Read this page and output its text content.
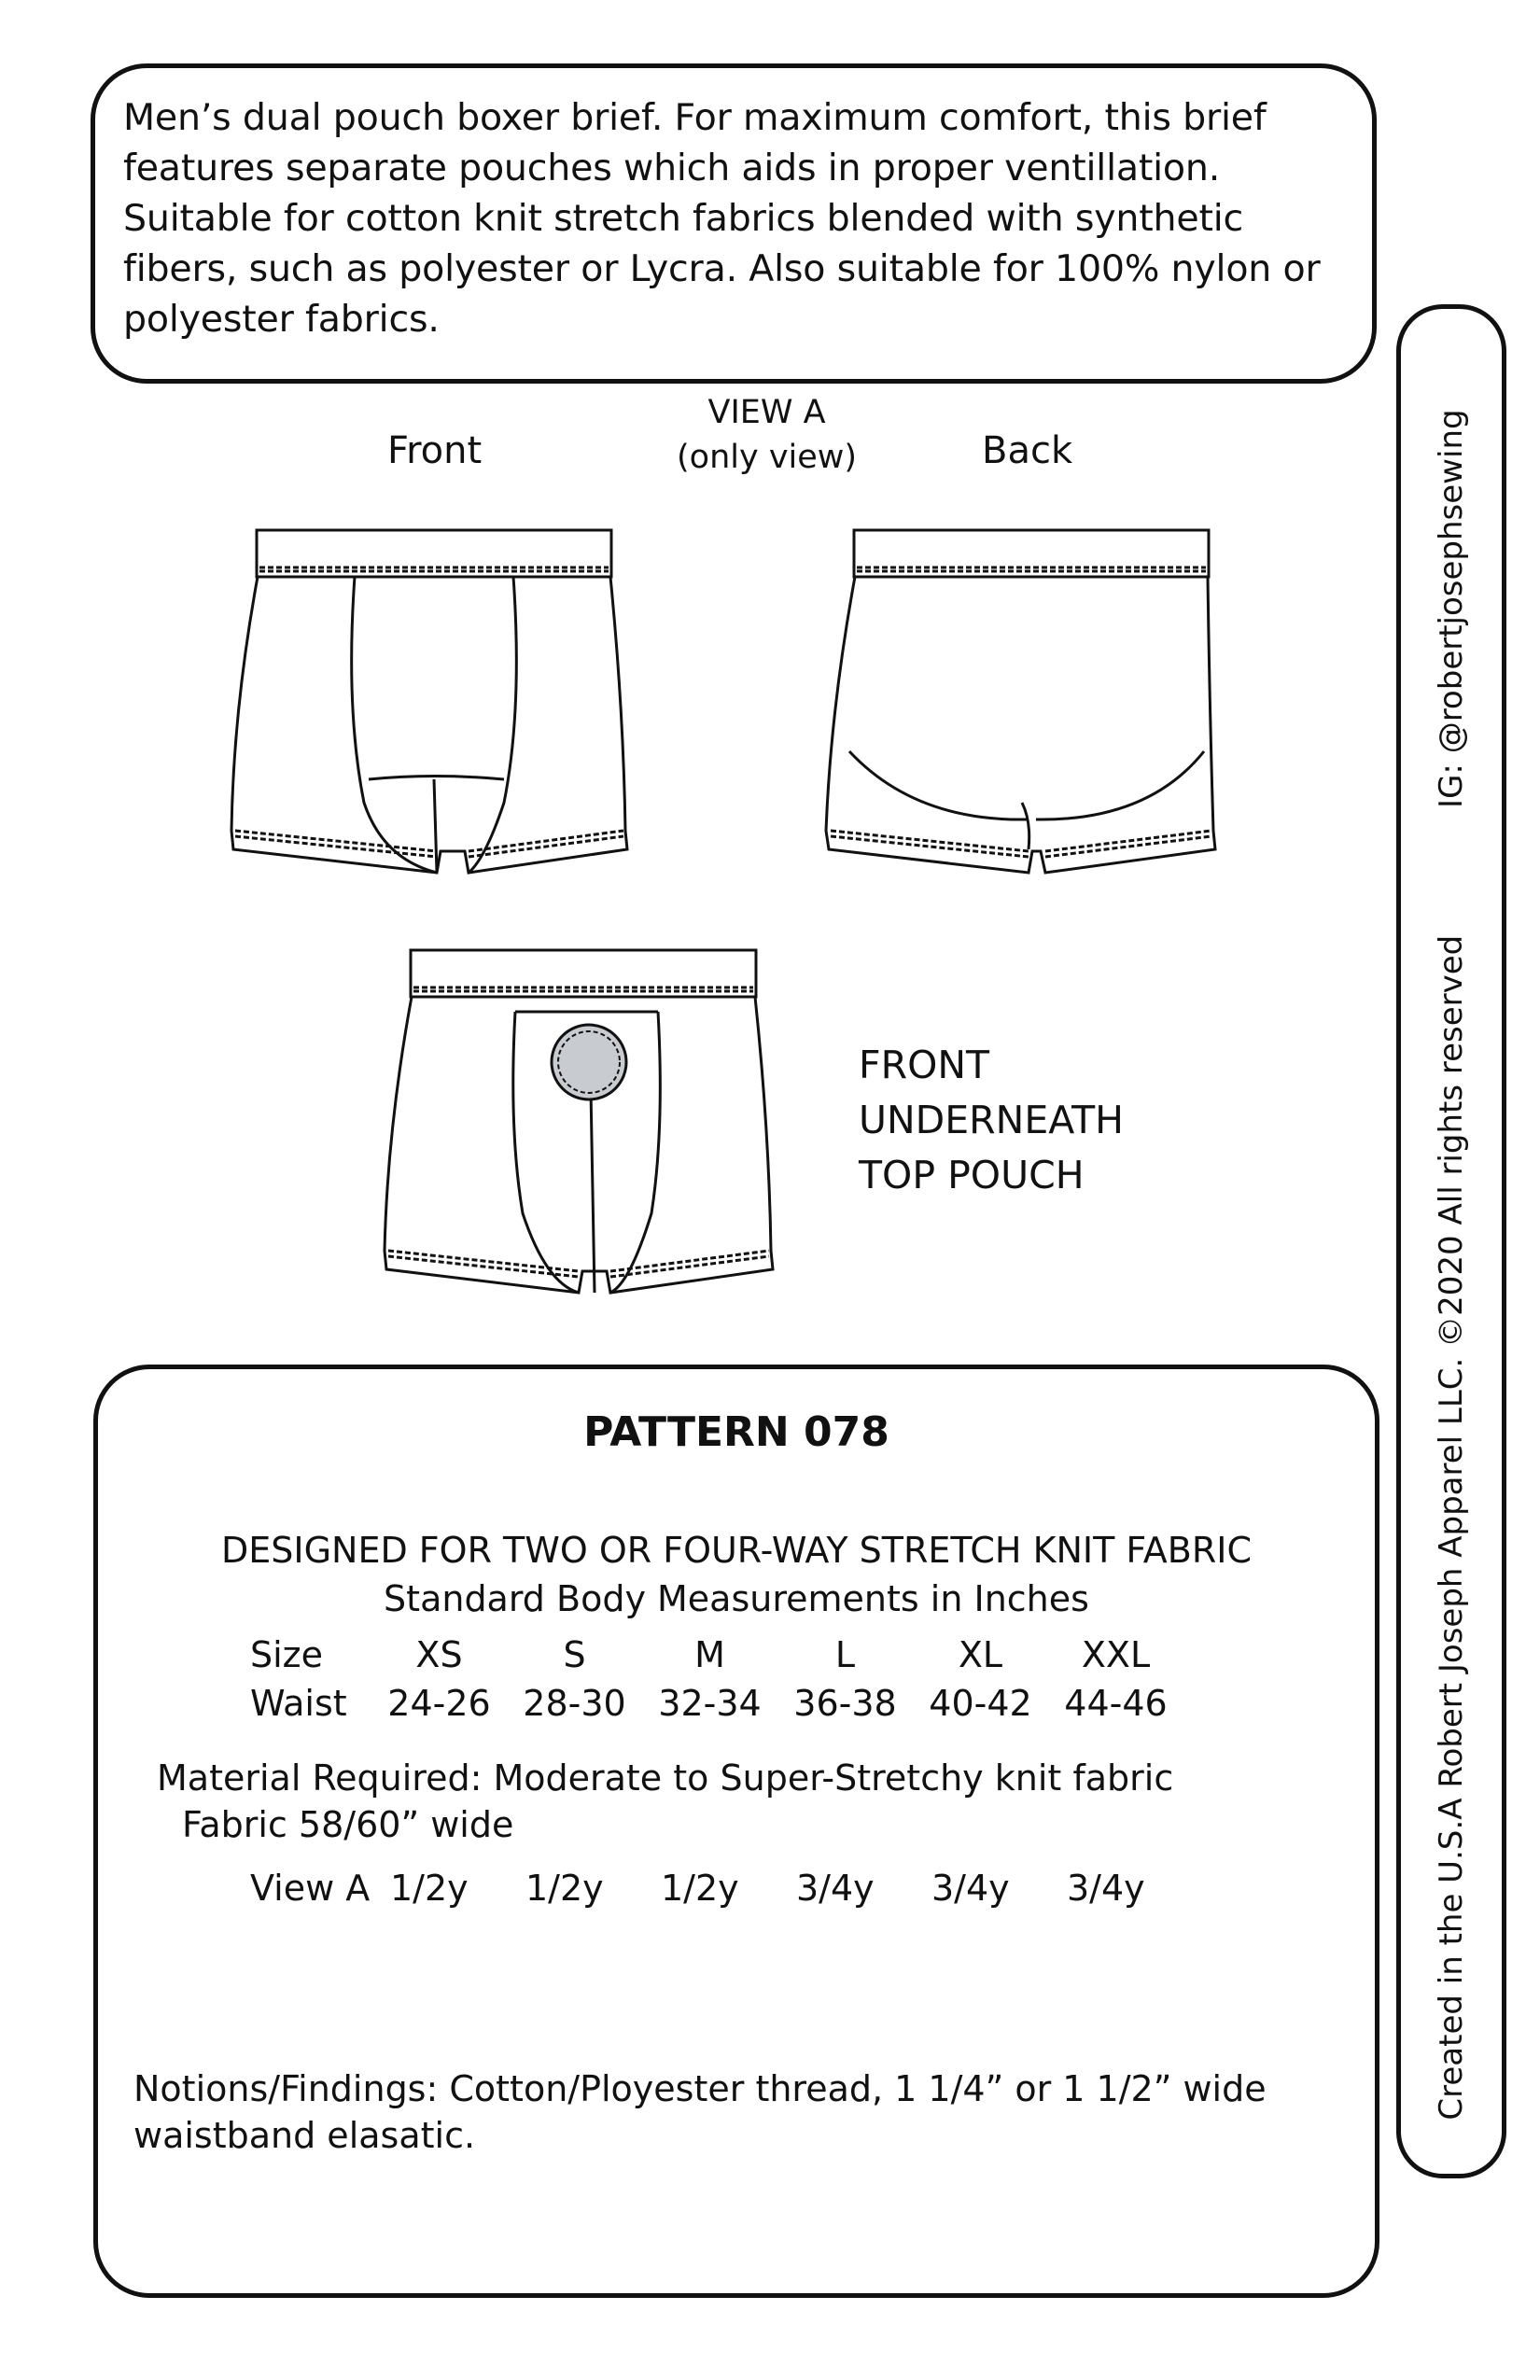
Men’s dual pouch boxer brief. For maximum comfort, this brief features separate pouches which aids in proper ventillation. Suitable for cotton knit stretch fabrics blended with synthetic fibers, such as polyester or Lycra. Also suitable for 100% nylon or polyester fabrics.
Created in the U.S.A Robert Joseph Apparel LLC. ©2020 All rights reserved IG: @robertjosephsewing
Front
VIEW A
(only view)	Back
FRONT
UNDERNEATH
TOP POUCH
PATTERN 078
DESIGNED FOR TWO OR FOUR-WAY STRETCH KNIT FABRIC
Standard Body Measurements in Inches
Size	XS	S	M	L	XL	XXL
Waist	24-26	28-30	32-34	36-38	40-42	44-46
Material Required: Moderate to Super-Stretchy knit fabric
Fabric 58/60” wide
View A	1/2y	1/2y	1/2y	3/4y	3/4y	3/4y
Notions/Findings: Cotton/Ployester thread, 1 1/4” or 1 1/2” wide
waistband elasatic.
